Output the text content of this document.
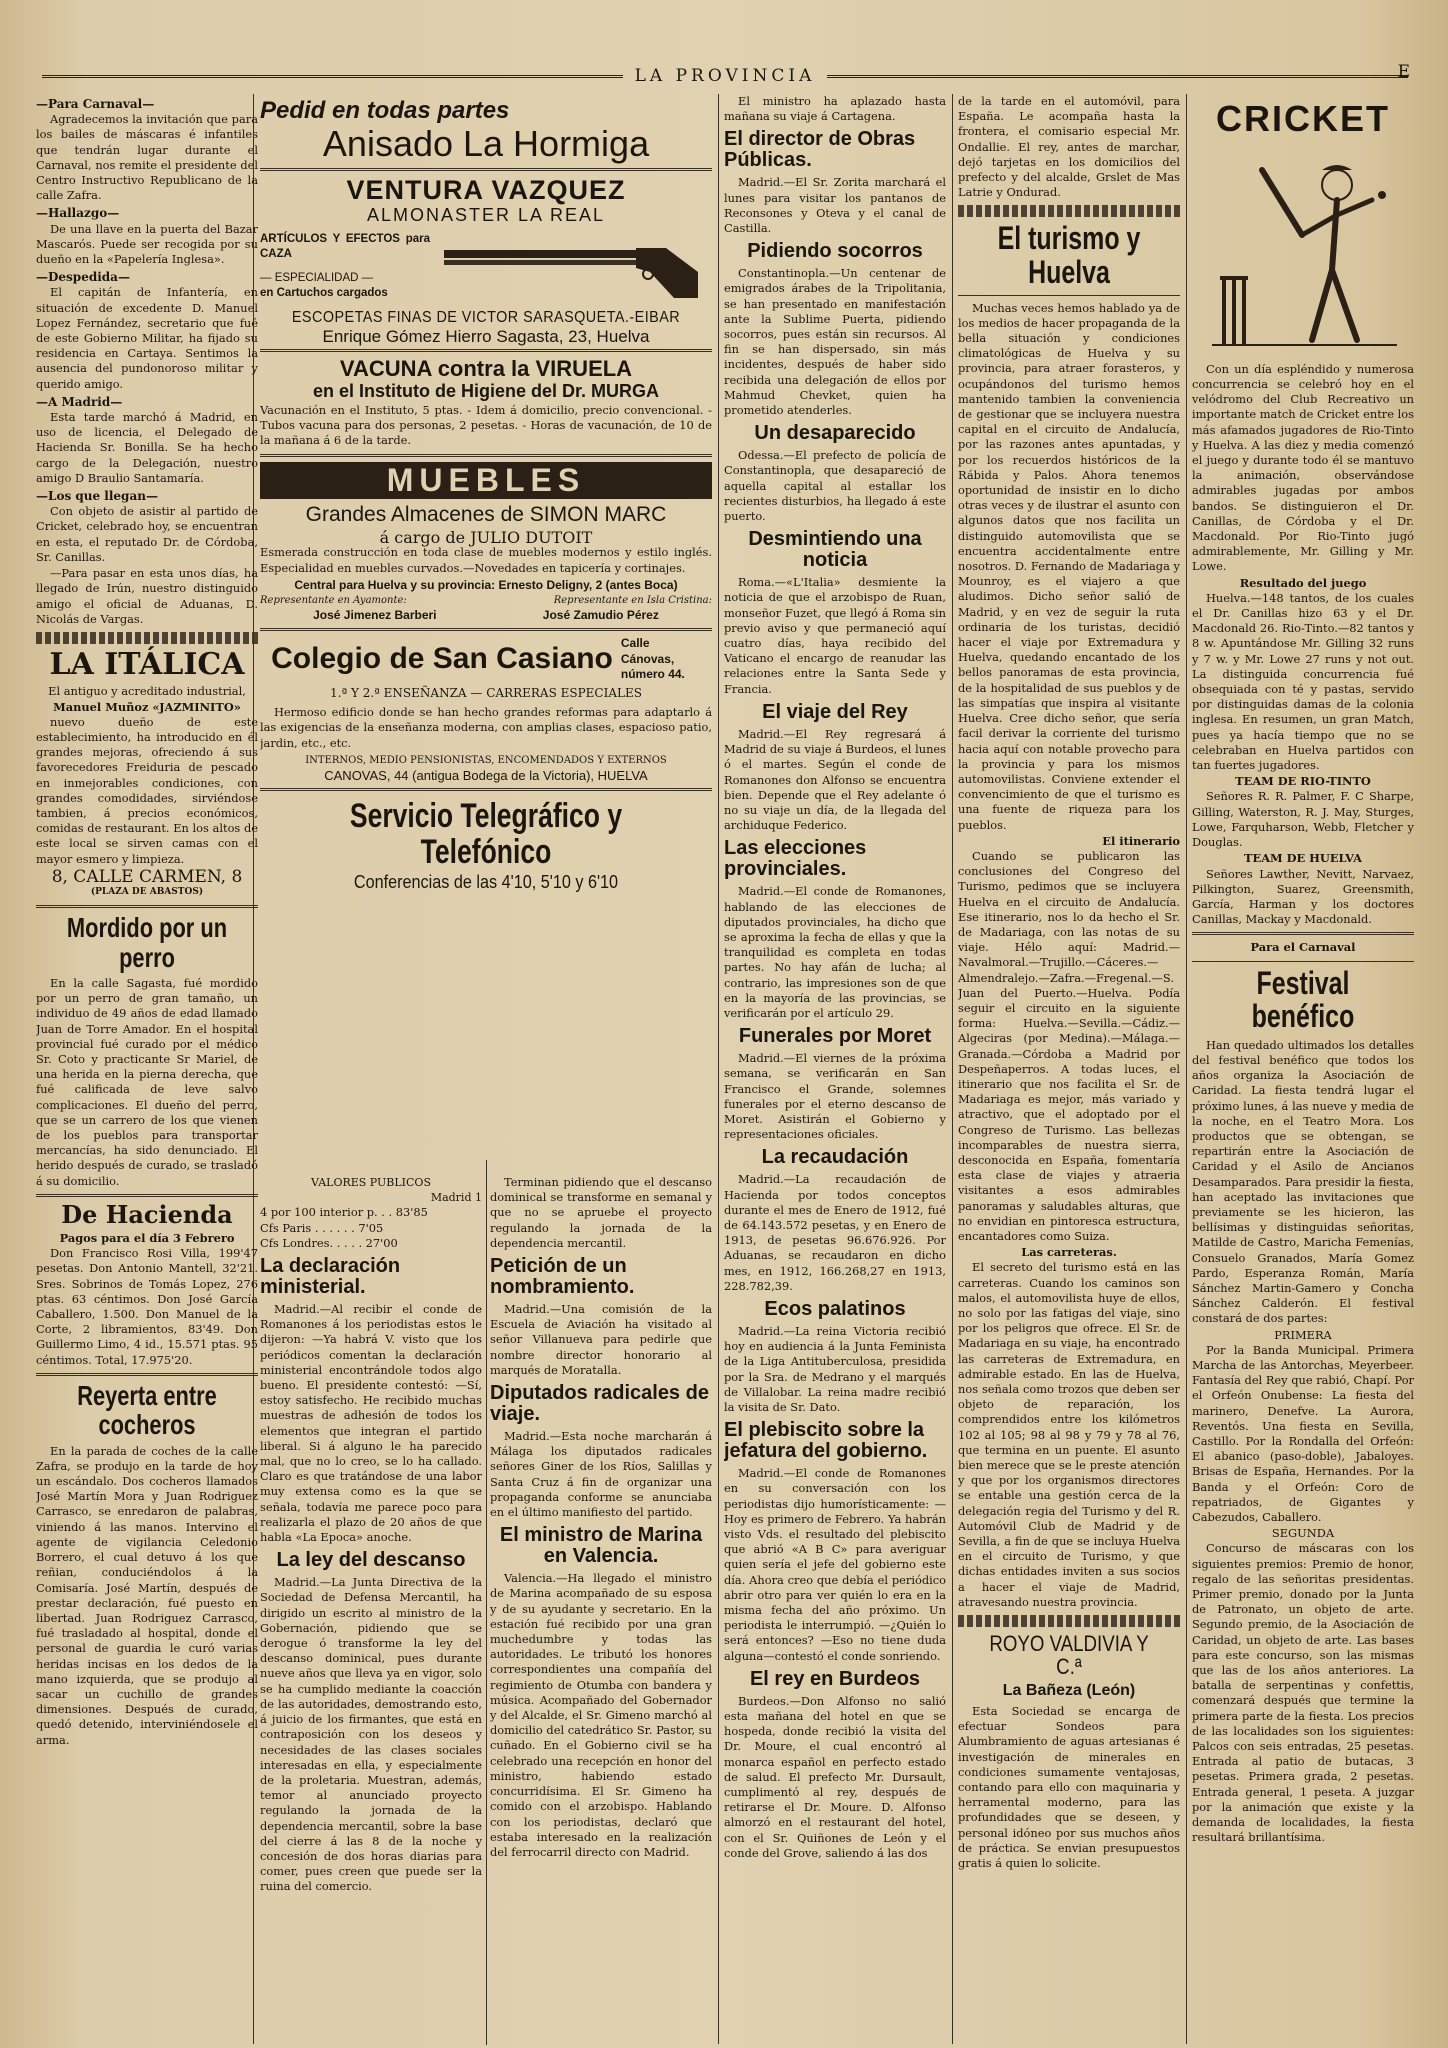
LA PROVINCIA	E
—Para Carnaval—

Agradecemos la invitación que para los bailes de máscaras é infantiles que tendrán lugar durante el Carnaval, nos remite el presidente del Centro Instructivo Republicano de la calle Zafra.

—Hallazgo—

De una llave en la puerta del Bazar Mascarós. Puede ser recogida por su dueño en la «Papelería Inglesa».

—Despedida—

El capitán de Infantería, en situación de excedente D. Manuel Lopez Fernández, secretario que fué de este Gobierno Militar, ha fijado su residencia en Cartaya. Sentimos la ausencia del pundonoroso militar y querido amigo.

—A Madrid—

Esta tarde marchó á Madrid, en uso de licencia, el Delegado de Hacienda Sr. Bonilla. Se ha hecho cargo de la Delegación, nuestro amigo D Braulio Santamaría.

—Los que llegan—

Con objeto de asistir al partido de Cricket, celebrado hoy, se encuentran en esta, el reputado Dr. de Córdoba, Sr. Canillas.

—Para pasar en esta unos días, ha llegado de Irún, nuestro distinguido amigo el oficial de Aduanas, D. Nicolás de Vargas.

LA ITÁLICA
El antiguo y acreditado industrial,
Manuel Muñoz «JAZMINITO»

nuevo dueño de este establecimiento, ha introducido en él grandes mejoras, ofreciendo á sus favorecedores Freiduria de pescado en inmejorables condiciones, con grandes comodidades, sirviéndose tambien, á precios económicos, comidas de restaurant. En los altos de este local se sirven camas con el mayor esmero y limpieza.

8, CALLE CARMEN, 8
(PLAZA DE ABASTOS)
Mordido por un perro

En la calle Sagasta, fué mordido por un perro de gran tamaño, un individuo de 49 años de edad llamado Juan de Torre Amador. En el hospital provincial fué curado por el médico Sr. Coto y practicante Sr Mariel, de una herida en la pierna derecha, que fué calificada de leve salvo complicaciones. El dueño del perro, que se un carrero de los que vienen de los pueblos para transportar mercancías, ha sido denunciado. El herido después de curado, se trasladó á su domicilio.

De Hacienda
Pagos para el día 3 Febrero

Don Francisco Rosi Villa, 199'47 pesetas. Don Antonio Mantell, 32'21. Sres. Sobrinos de Tomás Lopez, 276 ptas. 63 céntimos. Don José García Caballero, 1.500. Don Manuel de la Corte, 2 libramientos, 83'49. Don Guillermo Limo, 4 id., 15.571 ptas. 95 céntimos. Total, 17.975'20.

Reyerta entre cocheros

En la parada de coches de la calle Zafra, se produjo en la tarde de hoy un escándalo. Dos cocheros llamados José Martín Mora y Juan Rodriguez Carrasco, se enredaron de palabras, viniendo á las manos. Intervino el agente de vigilancia Celedonio Borrero, el cual detuvo á los que reñian, conduciéndolos á la Comisaría. José Martín, después de prestar declaración, fué puesto en libertad. Juan Rodriguez Carrasco, fué trasladado al hospital, donde el personal de guardia le curó varias heridas incisas en los dedos de la mano izquierda, que se produjo al sacar un cuchillo de grandes dimensiones. Después de curado, quedó detenido, interviniéndosele el arma.

Pedid en todas partes
Anisado La Hormiga
VENTURA VAZQUEZ
ALMONASTER LA REAL
ARTÍCULOS Y EFECTOS para CAZA
— ESPECIALIDAD —
en Cartuchos cargados
ESCOPETAS FINAS DE VICTOR SARASQUETA.-EIBAR
Enrique Gómez Hierro Sagasta, 23, Huelva
VACUNA contra la VIRUELA
en el Instituto de Higiene del Dr. MURGA

Vacunación en el Instituto, 5 ptas. - Idem á domicilio, precio convencional. - Tubos vacuna para dos personas, 2 pesetas. - Horas de vacunación, de 10 de la mañana á 6 de la tarde.

MUEBLES
Grandes Almacenes de SIMON MARC
á cargo de JULIO DUTOIT

Esmerada construcción en toda clase de muebles modernos y estilo inglés. Especialidad en muebles curvados.—Novedades en tapicería y cortinajes.

Central para Huelva y su provincia: Ernesto Deligny, 2 (antes Boca)
Representante en Ayamonte:	Representante en Isla Cristina:
José Jimenez Barberi	José Zamudio Pérez
Colegio de San Casiano Calle Cánovas, número 44.
1.ª Y 2.ª ENSEÑANZA — CARRERAS ESPECIALES

Hermoso edificio donde se han hecho grandes reformas para adaptarlo á las exigencias de la enseñanza moderna, con amplias clases, espacioso patio, jardin, etc., etc.

INTERNOS, MEDIO PENSIONISTAS, ENCOMENDADOS Y EXTERNOS
CANOVAS, 44 (antigua Bodega de la Victoria), HUELVA
Servicio Telegráfico y Telefónico
Conferencias de las 4'10, 5'10 y 6'10
VALORES PUBLICOS
Madrid 1
4 por 100 interior p. . . 83'85
Cfs Paris . . . . . . 7'05
Cfs Londres. . . . . 27'00
La declaración ministerial.

Madrid.—Al recibir el conde de Romanones á los periodistas estos le dijeron: —Ya habrá V. visto que los periódicos comentan la declaración ministerial encontrándole todos algo bueno. El presidente contestó: —Sí, estoy satisfecho. He recibido muchas muestras de adhesión de todos los elementos que integran el partido liberal. Si á alguno le ha parecido mal, que no lo creo, se lo ha callado. Claro es que tratándose de una labor muy extensa como es la que se señala, todavía me parece poco para realizarla el plazo de 20 años de que habla «La Epoca» anoche.

La ley del descanso

Madrid.—La Junta Directiva de la Sociedad de Defensa Mercantil, ha dirigido un escrito al ministro de la Gobernación, pidiendo que se derogue ó transforme la ley del descanso dominical, pues durante nueve años que lleva ya en vigor, solo se ha cumplido mediante la coacción de las autoridades, demostrando esto, á juicio de los firmantes, que está en contraposición con los deseos y necesidades de las clases sociales interesadas en ella, y especialmente de la proletaria. Muestran, además, temor al anunciado proyecto regulando la jornada de la dependencia mercantil, sobre la base del cierre á las 8 de la noche y concesión de dos horas diarias para comer, pues creen que puede ser la ruina del comercio.

Terminan pidiendo que el descanso dominical se transforme en semanal y que no se apruebe el proyecto regulando la jornada de la dependencia mercantil.

Petición de un nombramiento.

Madrid.—Una comisión de la Escuela de Aviación ha visitado al señor Villanueva para pedirle que nombre director honorario al marqués de Moratalla.

Diputados radicales de viaje.

Madrid.—Esta noche marcharán á Málaga los diputados radicales señores Giner de los Ríos, Salillas y Santa Cruz á fin de organizar una propaganda conforme se anunciaba en el último manifiesto del partido.

El ministro de Marina en Valencia.

Valencia.—Ha llegado el ministro de Marina acompañado de su esposa y de su ayudante y secretario. En la estación fué recibido por una gran muchedumbre y todas las autoridades. Le tributó los honores correspondientes una compañía del regimiento de Otumba con bandera y música. Acompañado del Gobernador y del Alcalde, el Sr. Gimeno marchó al domicilio del catedrático Sr. Pastor, su cuñado. En el Gobierno civil se ha celebrado una recepción en honor del ministro, habiendo estado concurridísima. El Sr. Gimeno ha comido con el arzobispo. Hablando con los periodistas, declaró que estaba interesado en la realización del ferrocarril directo con Madrid.

El ministro ha aplazado hasta mañana su viaje á Cartagena.

El director de Obras Públicas.

Madrid.—El Sr. Zorita marchará el lunes para visitar los pantanos de Reconsones y Oteva y el canal de Castilla.

Pidiendo socorros

Constantinopla.—Un centenar de emigrados árabes de la Tripolitania, se han presentado en manifestación ante la Sublime Puerta, pidiendo socorros, pues están sin recursos. Al fin se han dispersado, sin más incidentes, después de haber sido recibida una delegación de ellos por Mahmud Chevket, quien ha prometido atenderles.

Un desaparecido

Odessa.—El prefecto de policía de Constantinopla, que desapareció de aquella capital al estallar los recientes disturbios, ha llegado á este puerto.

Desmintiendo una noticia

Roma.—«L'Italia» desmiente la noticia de que el arzobispo de Ruan, monseñor Fuzet, que llegó á Roma sin previo aviso y que permaneció aquí cuatro días, haya recibido del Vaticano el encargo de reanudar las relaciones entre la Santa Sede y Francia.

El viaje del Rey

Madrid.—El Rey regresará á Madrid de su viaje á Burdeos, el lunes ó el martes. Según el conde de Romanones don Alfonso se encuentra bien. Depende que el Rey adelante ó no su viaje un día, de la llegada del archiduque Federico.

Las elecciones provinciales.

Madrid.—El conde de Romanones, hablando de las elecciones de diputados provinciales, ha dicho que se aproxima la fecha de ellas y que la tranquilidad es completa en todas partes. No hay afán de lucha; al contrario, las impresiones son de que en la mayoría de las provincias, se verificarán por el artículo 29.

Funerales por Moret

Madrid.—El viernes de la próxima semana, se verificarán en San Francisco el Grande, solemnes funerales por el eterno descanso de Moret. Asistirán el Gobierno y representaciones oficiales.

La recaudación

Madrid.—La recaudación de Hacienda por todos conceptos durante el mes de Enero de 1912, fué de 64.143.572 pesetas, y en Enero de 1913, de pesetas 96.676.926. Por Aduanas, se recaudaron en dicho mes, en 1912, 166.268,27 en 1913, 228.782,39.

Ecos palatinos

Madrid.—La reina Victoria recibió hoy en audiencia á la Junta Feminista de la Liga Antituberculosa, presidida por la Sra. de Medrano y el marqués de Villalobar. La reina madre recibió la visita de Sr. Dato.

El plebiscito sobre la jefatura del gobierno.

Madrid.—El conde de Romanones en su conversación con los periodistas dijo humorísticamente: —Hoy es primero de Febrero. Ya habrán visto Vds. el resultado del plebiscito que abrió «A B C» para averiguar quien sería el jefe del gobierno este día. Ahora creo que debía el periódico abrir otro para ver quién lo era en la misma fecha del año próximo. Un periodista le interrumpió. —¿Quién lo será entonces? —Eso no tiene duda alguna—contestó el conde sonriendo.

El rey en Burdeos

Burdeos.—Don Alfonso no salió esta mañana del hotel en que se hospeda, donde recibió la visita del Dr. Moure, el cual encontró al monarca español en perfecto estado de salud. El prefecto Mr. Dursault, cumplimentó al rey, después de retirarse el Dr. Moure. D. Alfonso almorzó en el restaurant del hotel, con el Sr. Quiñones de León y el conde del Grove, saliendo á las dos

de la tarde en el automóvil, para España. Le acompaña hasta la frontera, el comisario especial Mr. Ondallie. El rey, antes de marchar, dejó tarjetas en los domicilios del prefecto y del alcalde, Grslet de Mas Latrie y Ondurad.

El turismo y Huelva

Muchas veces hemos hablado ya de los medios de hacer propaganda de la bella situación y condiciones climatológicas de Huelva y su provincia, para atraer forasteros, y ocupándonos del turismo hemos mantenido tambien la conveniencia de gestionar que se incluyera nuestra capital en el circuito de Andalucía, por las razones antes apuntadas, y por los recuerdos históricos de la Rábida y Palos. Ahora tenemos oportunidad de insistir en lo dicho otras veces y de ilustrar el asunto con algunos datos que nos facilita un distinguido automovilista que se encuentra accidentalmente entre nosotros. D. Fernando de Madariaga y Mounroy, es el viajero a que aludimos. Dicho señor salió de Madrid, y en vez de seguir la ruta ordinaria de los turistas, decidió hacer el viaje por Extremadura y Huelva, quedando encantado de los bellos panoramas de esta provincia, de la hospitalidad de sus pueblos y de las simpatías que inspira al visitante Huelva. Cree dicho señor, que sería facil derivar la corriente del turismo hacia aquí con notable provecho para la provincia y para los mismos automovilistas. Conviene extender el convencimiento de que el turismo es una fuente de riqueza para los pueblos.

El itinerario

Cuando se publicaron las conclusiones del Congreso del Turismo, pedimos que se incluyera Huelva en el circuito de Andalucía. Ese itinerario, nos lo da hecho el Sr. de Madariaga, con las notas de su viaje. Hélo aquí: Madrid.—Navalmoral.—Trujillo.—Cáceres.—Almendralejo.—Zafra.—Fregenal.—S. Juan del Puerto.—Huelva. Podía seguir el circuito en la siguiente forma: Huelva.—Sevilla.—Cádiz.—Algeciras (por Medina).—Málaga.—Granada.—Córdoba a Madrid por Despeñaperros. A todas luces, el itinerario que nos facilita el Sr. de Madariaga es mejor, más variado y atractivo, que el adoptado por el Congreso de Turismo. Las bellezas incomparables de nuestra sierra, desconocida en España, fomentaría esta clase de viajes y atraeria visitantes a esos admirables panoramas y saludables alturas, que no envidian en pintoresca estructura, encantadores como Suiza.

Las carreteras.

El secreto del turismo está en las carreteras. Cuando los caminos son malos, el automovilista huye de ellos, no solo por las fatigas del viaje, sino por los peligros que ofrece. El Sr. de Madariaga en su viaje, ha encontrado las carreteras de Extremadura, en admirable estado. En las de Huelva, nos señala como trozos que deben ser objeto de reparación, los comprendidos entre los kilómetros 102 al 105; 98 al 98 y 79 y 78 al 76, que termina en un puente. El asunto bien merece que se le preste atención y que por los organismos directores se entable una gestión cerca de la delegación regia del Turismo y del R. Automóvil Club de Madrid y de Sevilla, a fin de que se incluya Huelva en el circuito de Turismo, y que dichas entidades inviten a sus socios a hacer el viaje de Madrid, atravesando nuestra provincia.

ROYO VALDIVIA Y C.ª
La Bañeza (León)

Esta Sociedad se encarga de efectuar Sondeos para Alumbramiento de aguas artesianas é investigación de minerales en condiciones sumamente ventajosas, contando para ello con maquinaria y herramental moderno, para las profundidades que se deseen, y personal idóneo por sus muchos años de práctica. Se envian presupuestos gratis á quien lo solicite.

CRICKET

Con un día espléndido y numerosa concurrencia se celebró hoy en el velódromo del Club Recreativo un importante match de Cricket entre los más afamados jugadores de Rio-Tinto y Huelva. A las diez y media comenzó el juego y durante todo él se mantuvo la animación, observándose admirables jugadas por ambos bandos. Se distinguieron el Dr. Canillas, de Córdoba y el Dr. Macdonald. Por Rio-Tinto jugó admirablemente, Mr. Gilling y Mr. Lowe.

Resultado del juego

Huelva.—148 tantos, de los cuales el Dr. Canillas hizo 63 y el Dr. Macdonald 26. Rio-Tinto.—82 tantos y 8 w. Apuntándose Mr. Gilling 32 runs y 7 w. y Mr. Lowe 27 runs y not out. La distinguida concurrencia fué obsequiada con té y pastas, servido por distinguidas damas de la colonia inglesa. En resumen, un gran Match, pues ya hacía tiempo que no se celebraban en Huelva partidos con tan fuertes jugadores.

TEAM DE RIO-TINTO

Señores R. R. Palmer, F. C Sharpe, Gilling, Waterston, R. J. May, Sturges, Lowe, Farquharson, Webb, Fletcher y Douglas.

TEAM DE HUELVA

Señores Lawther, Nevitt, Narvaez, Pilkington, Suarez, Greensmith, García, Harman y los doctores Canillas, Mackay y Macdonald.

Para el Carnaval
Festival benéfico

Han quedado ultimados los detalles del festival benéfico que todos los años organiza la Asociación de Caridad. La fiesta tendrá lugar el próximo lunes, á las nueve y media de la noche, en el Teatro Mora. Los productos que se obtengan, se repartirán entre la Asociación de Caridad y el Asilo de Ancianos Desamparados. Para presidir la fiesta, han aceptado las invitaciones que previamente se les hicieron, las bellísimas y distinguidas señoritas, Matilde de Castro, Maricha Femenías, Consuelo Granados, María Gomez Pardo, Esperanza Román, María Sánchez Martin-Gamero y Concha Sánchez Calderón. El festival constará de dos partes:

PRIMERA

Por la Banda Municipal. Primera Marcha de las Antorchas, Meyerbeer. Fantasía del Rey que rabió, Chapí. Por el Orfeón Onubense: La fiesta del marinero, Denefve. La Aurora, Reventós. Una fiesta en Sevilla, Castillo. Por la Rondalla del Orfeón: El abanico (paso-doble), Jabaloyes. Brisas de España, Hernandes. Por la Banda y el Orfeón: Coro de repatriados, de Gigantes y Cabezudos, Caballero.

SEGUNDA

Concurso de máscaras con los siguientes premios: Premio de honor, regalo de las señoritas presidentas. Primer premio, donado por la Junta de Patronato, un objeto de arte. Segundo premio, de la Asociación de Caridad, un objeto de arte. Las bases para este concurso, son las mismas que las de los años anteriores. La batalla de serpentinas y confettis, comenzará después que termine la primera parte de la fiesta. Los precios de las localidades son los siguientes: Palcos con seis entradas, 25 pesetas. Entrada al patio de butacas, 3 pesetas. Primera grada, 2 pesetas. Entrada general, 1 peseta. A juzgar por la animación que existe y la demanda de localidades, la fiesta resultará brillantísima.
